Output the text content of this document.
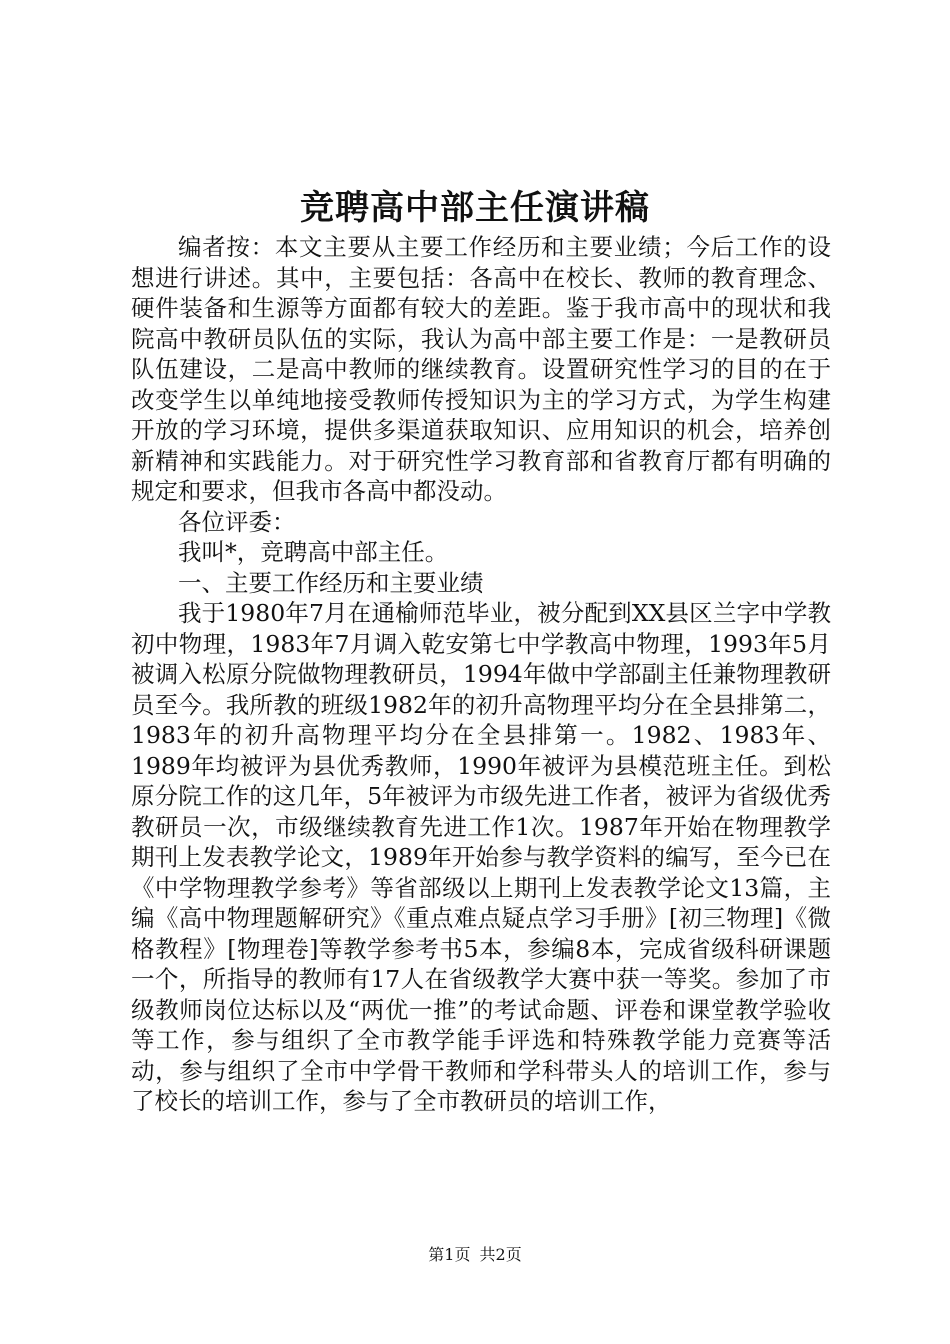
竞聘高中部主任演讲稿

编者按：本文主要从主要工作经历和主要业绩；今后工作的设想进行讲述。其中，主要包括：各高中在校长、教师的教育理念、硬件装备和生源等方面都有较大的差距。鉴于我市高中的现状和我院高中教研员队伍的实际，我认为高中部主要工作是：一是教研员队伍建设，二是高中教师的继续教育。设置研究性学习的目的在于改变学生以单纯地接受教师传授知识为主的学习方式，为学生构建开放的学习环境，提供多渠道获取知识、应用知识的机会，培养创新精神和实践能力。对于研究性学习教育部和省教育厅都有明确的规定和要求，但我市各高中都没动。

各位评委：

我叫*，竞聘高中部主任。

一、主要工作经历和主要业绩

我于1980年7月在通榆师范毕业，被分配到XX县区兰字中学教初中物理，1983年7月调入乾安第七中学教高中物理，1993年5月被调入松原分院做物理教研员，1994年做中学部副主任兼物理教研员至今。我所教的班级1982年的初升高物理平均分在全县排第二，1983年的初升高物理平均分在全县排第一。1982、1983年、1989年均被评为县优秀教师，1990年被评为县模范班主任。到松原分院工作的这几年，5年被评为市级先进工作者，被评为省级优秀教研员一次，市级继续教育先进工作1次。1987年开始在物理教学期刊上发表教学论文，1989年开始参与教学资料的编写，至今已在《中学物理教学参考》等省部级以上期刊上发表教学论文13篇，主编《高中物理题解研究》《重点难点疑点学习手册》[初三物理]《微格教程》[物理卷]等教学参考书5本，参编8本，完成省级科研课题一个，所指导的教师有17人在省级教学大赛中获一等奖。参加了市级教师岗位达标以及“两优一推”的考试命题、评卷和课堂教学验收等工作，参与组织了全市教学能手评选和特殊教学能力竞赛等活动，参与组织了全市中学骨干教师和学科带头人的培训工作，参与了校长的培训工作，参与了全市教研员的培训工作，

第1页 共2页
